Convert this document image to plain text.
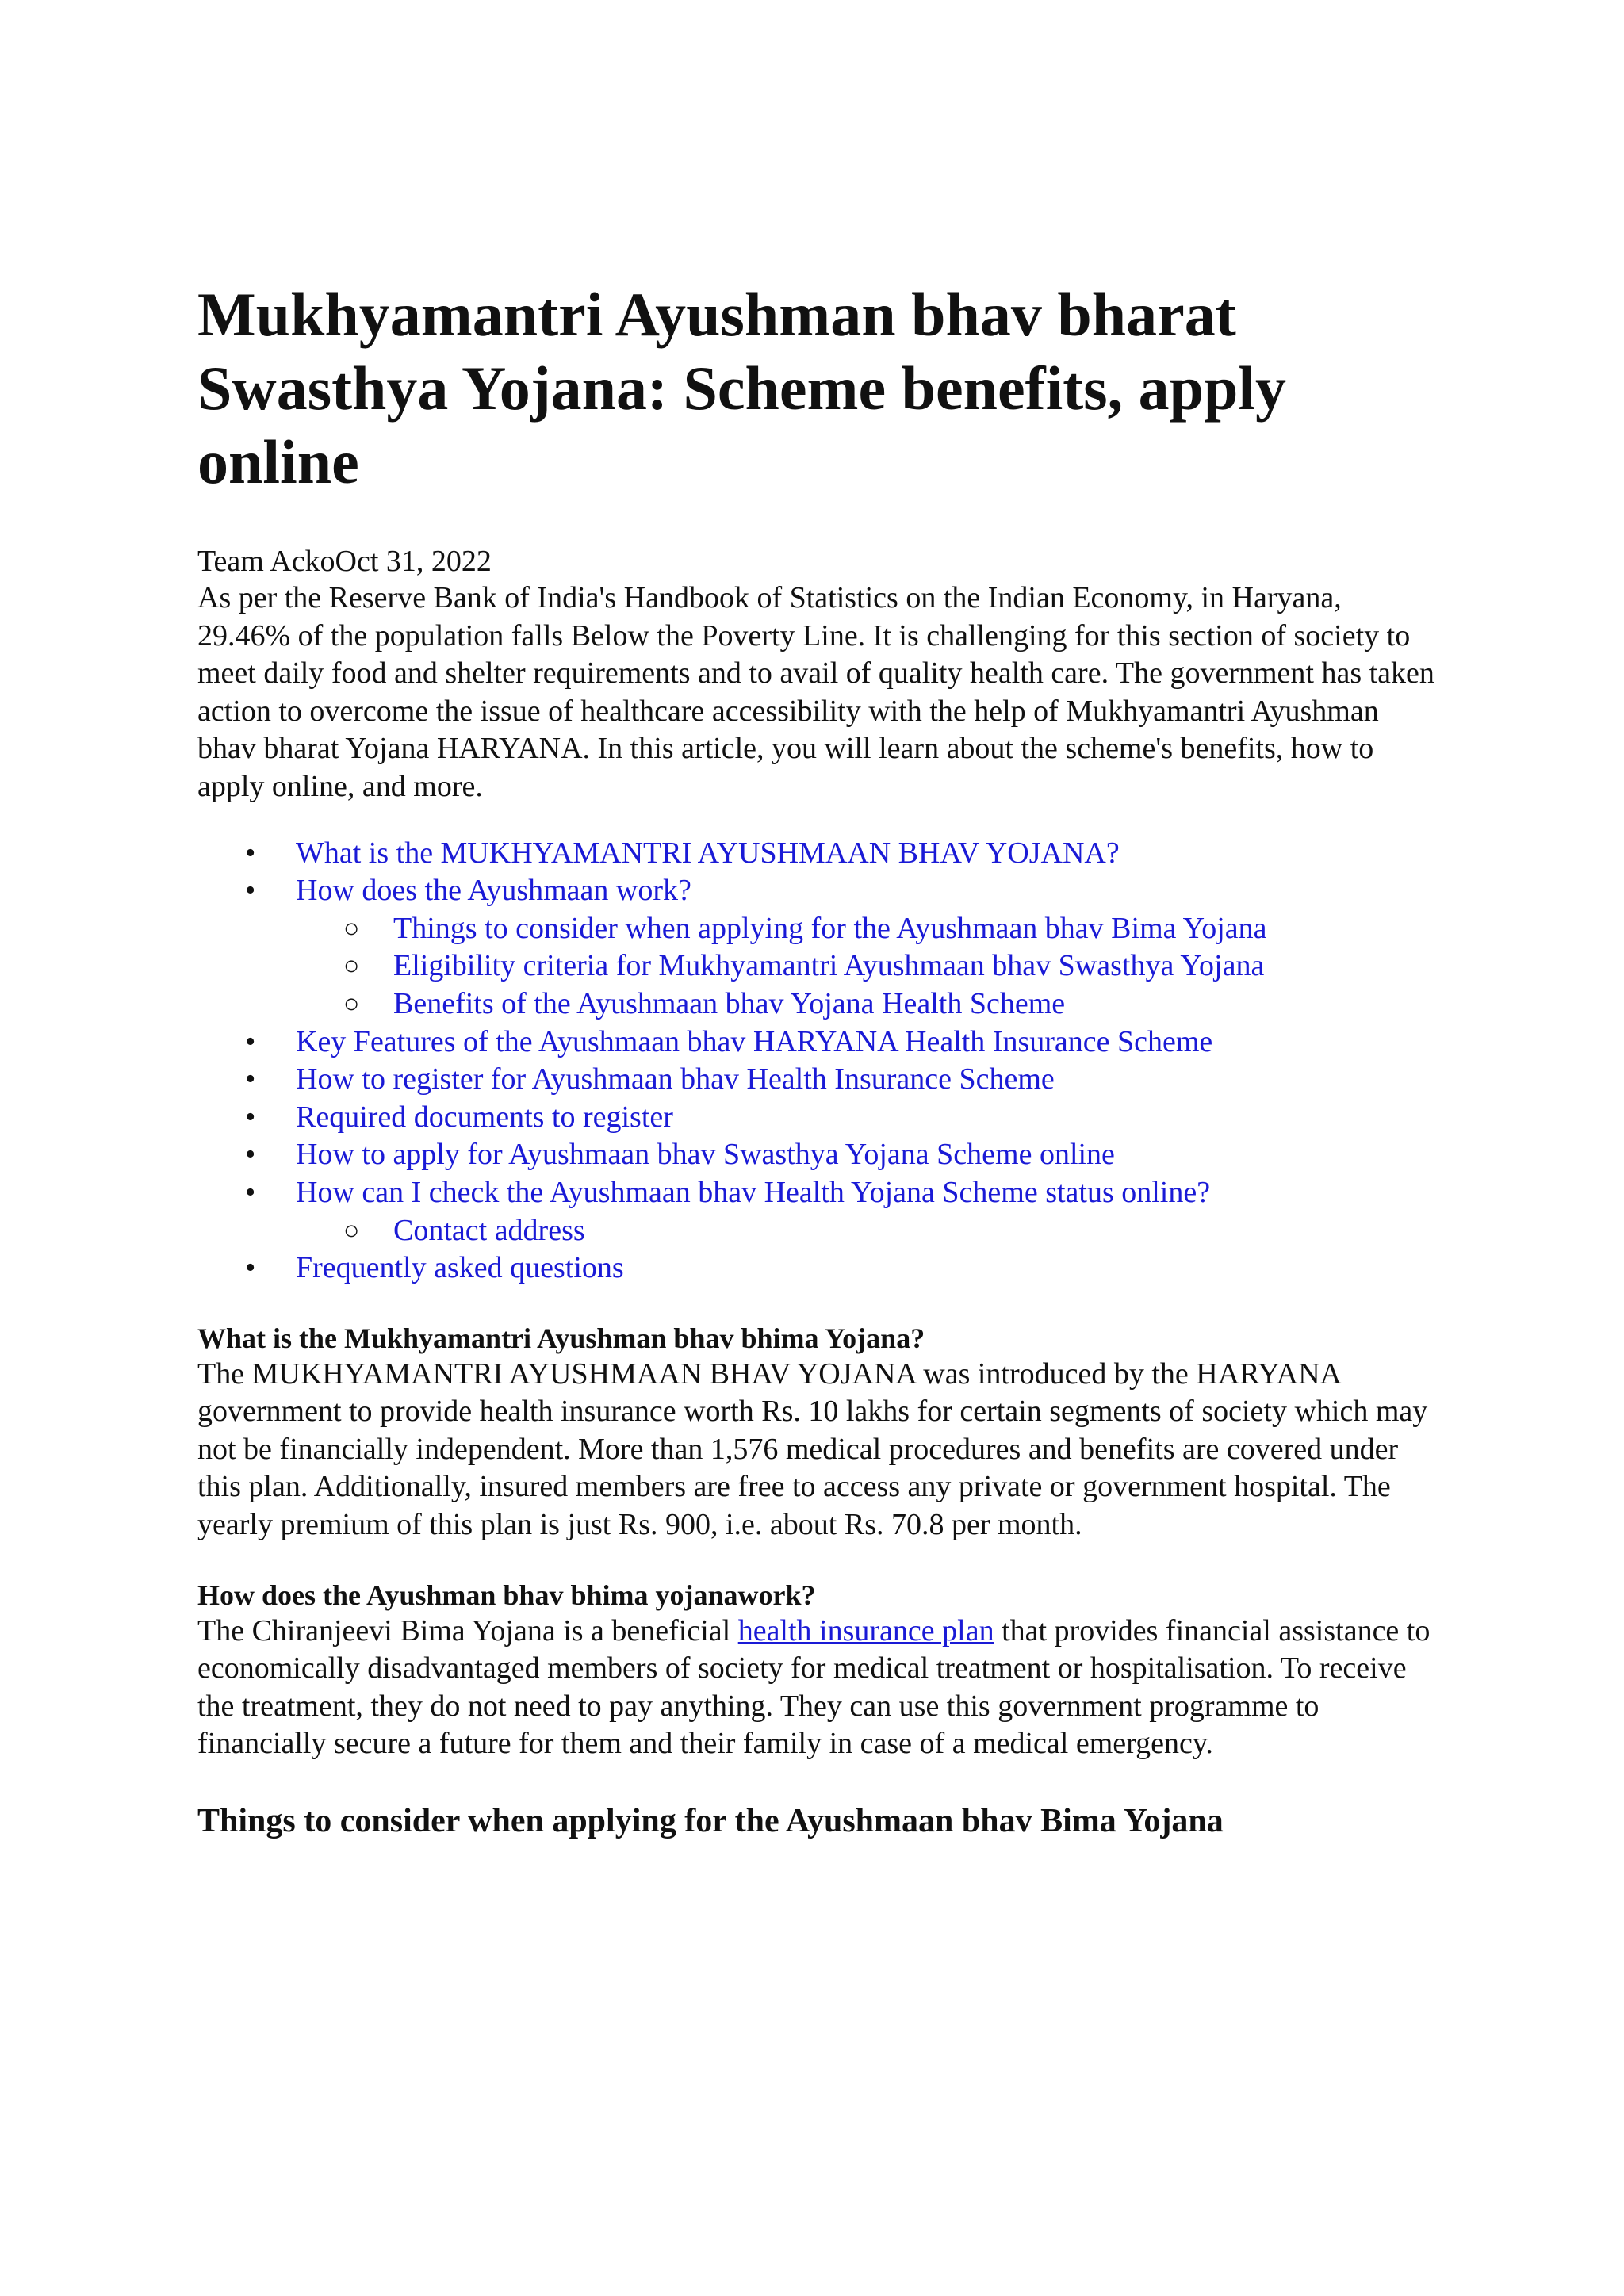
Mukhyamantri Ayushman bhav bharat Swasthya Yojana: Scheme benefits, apply online
Team AckoOct 31, 2022

As per the Reserve Bank of India's Handbook of Statistics on the Indian Economy, in Haryana, 29.46% of the population falls Below the Poverty Line. It is challenging for this section of society to meet daily food and shelter requirements and to avail of quality health care. The government has taken action to overcome the issue of healthcare accessibility with the help of Mukhyamantri Ayushman bhav bharat Yojana HARYANA. In this article, you will learn about the scheme's benefits, how to apply online, and more.

• What is the MUKHYAMANTRI AYUSHMAAN BHAV YOJANA?
• How does the Ayushmaan work?
○ Things to consider when applying for the Ayushmaan bhav Bima Yojana
○ Eligibility criteria for Mukhyamantri Ayushmaan bhav Swasthya Yojana
○ Benefits of the Ayushmaan bhav Yojana Health Scheme
• Key Features of the Ayushmaan bhav HARYANA Health Insurance Scheme
• How to register for Ayushmaan bhav Health Insurance Scheme
• Required documents to register
• How to apply for Ayushmaan bhav Swasthya Yojana Scheme online
• How can I check the Ayushmaan bhav Health Yojana Scheme status online?
○ Contact address
• Frequently asked questions
What is the Mukhyamantri Ayushman bhav bhima Yojana?

The MUKHYAMANTRI AYUSHMAAN BHAV YOJANA was introduced by the HARYANA government to provide health insurance worth Rs. 10 lakhs for certain segments of society which may not be financially independent. More than 1,576 medical procedures and benefits are covered under this plan. Additionally, insured members are free to access any private or government hospital. The yearly premium of this plan is just Rs. 900, i.e. about Rs. 70.8 per month.

How does the Ayushman bhav bhima yojanawork?

The Chiranjeevi Bima Yojana is a beneficial health insurance plan that provides financial assistance to economically disadvantaged members of society for medical treatment or hospitalisation. To receive the treatment, they do not need to pay anything. They can use this government programme to financially secure a future for them and their family in case of a medical emergency.

Things to consider when applying for the Ayushmaan bhav Bima Yojana
